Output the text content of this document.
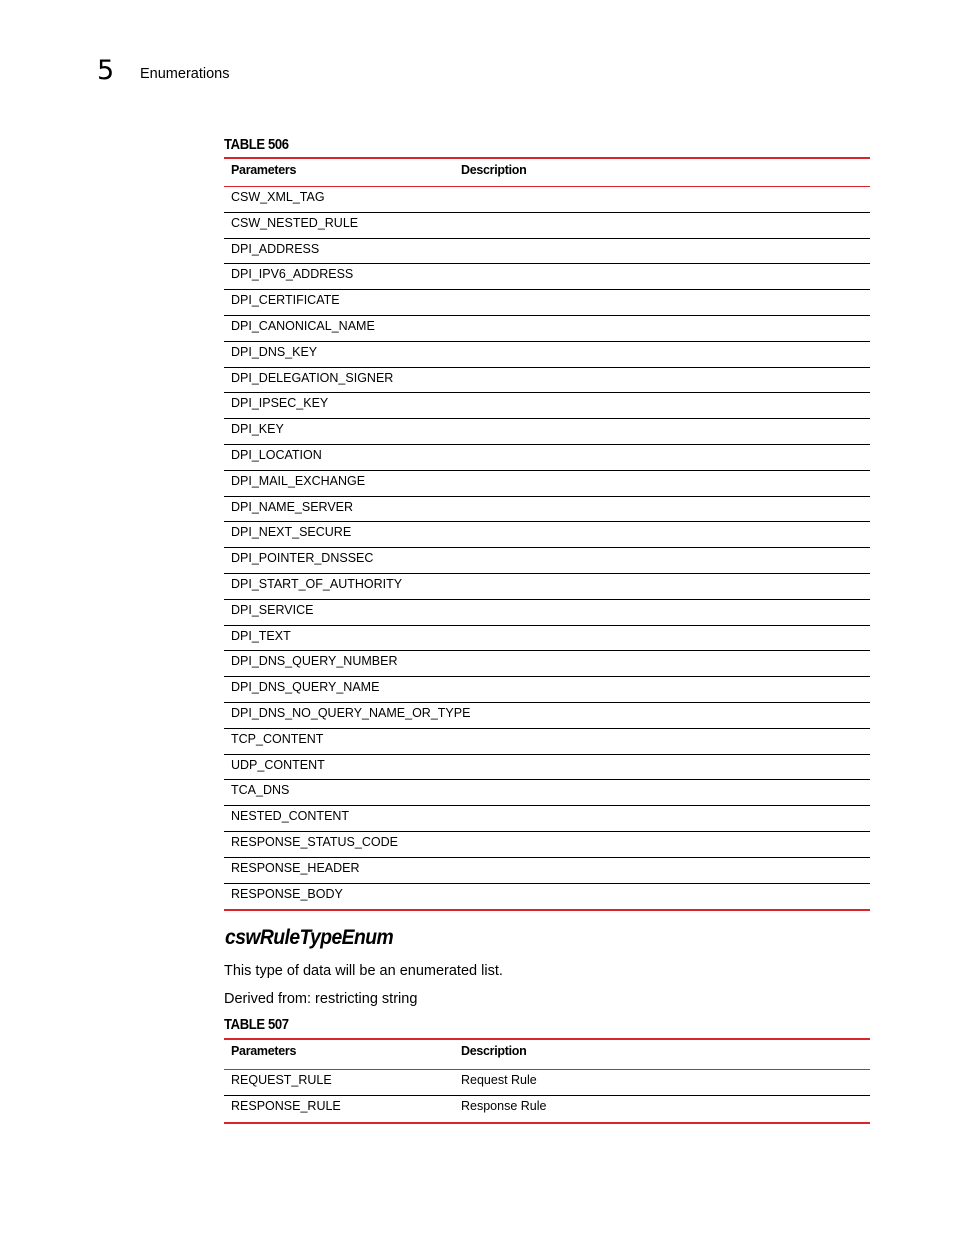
5 Enumerations
TABLE 506
Parameters	Description
CSW_XML_TAG
CSW_NESTED_RULE
DPI_ADDRESS
DPI_IPV6_ADDRESS
DPI_CERTIFICATE
DPI_CANONICAL_NAME
DPI_DNS_KEY
DPI_DELEGATION_SIGNER
DPI_IPSEC_KEY
DPI_KEY
DPI_LOCATION
DPI_MAIL_EXCHANGE
DPI_NAME_SERVER
DPI_NEXT_SECURE
DPI_POINTER_DNSSEC
DPI_START_OF_AUTHORITY
DPI_SERVICE
DPI_TEXT
DPI_DNS_QUERY_NUMBER
DPI_DNS_QUERY_NAME
DPI_DNS_NO_QUERY_NAME_OR_TYPE
TCP_CONTENT
UDP_CONTENT
TCA_DNS
NESTED_CONTENT
RESPONSE_STATUS_CODE
RESPONSE_HEADER
RESPONSE_BODY
cswRuleTypeEnum
This type of data will be an enumerated list.
Derived from: restricting string
TABLE 507
Parameters	Description
REQUEST_RULE	Request Rule
RESPONSE_RULE	Response Rule
